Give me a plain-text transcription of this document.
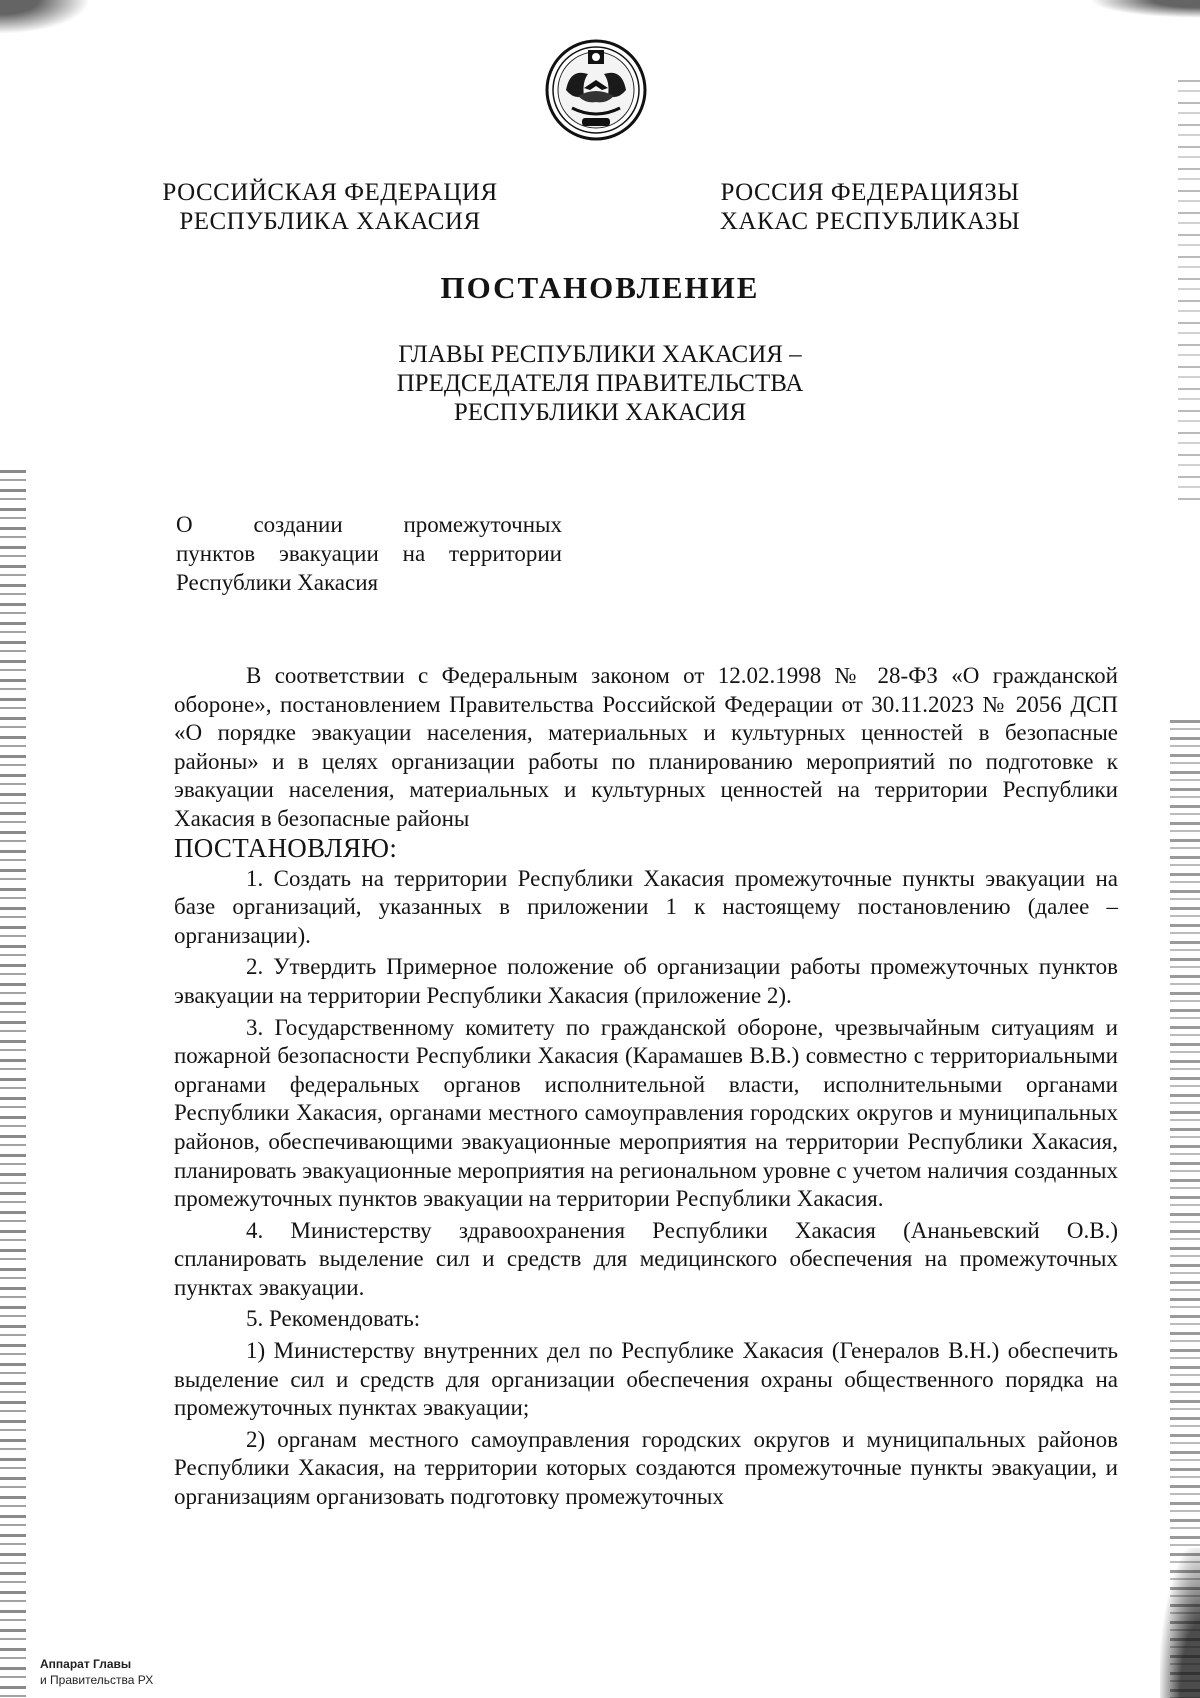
РОССИЙСКАЯ ФЕДЕРАЦИЯ
РЕСПУБЛИКА ХАКАСИЯ
РОССИЯ ФЕДЕРАЦИЯЗЫ
ХАКАС РЕСПУБЛИКАЗЫ
ПОСТАНОВЛЕНИЕ
ГЛАВЫ РЕСПУБЛИКИ ХАКАСИЯ –
ПРЕДСЕДАТЕЛЯ ПРАВИТЕЛЬСТВА
РЕСПУБЛИКИ ХАКАСИЯ
О	создании	промежуточных
пунктов эвакуации на территории Республики Хакасия

В соответствии с Федеральным законом от 12.02.1998 № 28-ФЗ «О гражданской обороне», постановлением Правительства Российской Федерации от 30.11.2023 № 2056 ДСП «О порядке эвакуации населения, материальных и культурных ценностей в безопасные районы» и в целях организации работы по планированию мероприятий по подготовке к эвакуации населения, материальных и культурных ценностей на территории Республики Хакасия в безопасные районы

ПОСТАНОВЛЯЮ:

1. Создать на территории Республики Хакасия промежуточные пункты эвакуации на базе организаций, указанных в приложении 1 к настоящему постановлению (далее – организации).

2. Утвердить Примерное положение об организации работы промежуточных пунктов эвакуации на территории Республики Хакасия (приложение 2).

3. Государственному комитету по гражданской обороне, чрезвычайным ситуациям и пожарной безопасности Республики Хакасия (Карамашев В.В.) совместно с территориальными органами федеральных органов исполнительной власти, исполнительными органами Республики Хакасия, органами местного самоуправления городских округов и муниципальных районов, обеспечивающими эвакуационные мероприятия на территории Республики Хакасия, планировать эвакуационные мероприятия на региональном уровне с учетом наличия созданных промежуточных пунктов эвакуации на территории Республики Хакасия.

4. Министерству здравоохранения Республики Хакасия (Ананьевский О.В.) спланировать выделение сил и средств для медицинского обеспечения на промежуточных пунктах эвакуации.

5. Рекомендовать:

1) Министерству внутренних дел по Республике Хакасия (Генералов В.Н.) обеспечить выделение сил и средств для организации обеспечения охраны общественного порядка на промежуточных пунктах эвакуации;

2) органам местного самоуправления городских округов и муниципальных районов Республики Хакасия, на территории которых создаются промежуточные пункты эвакуации, и организациям организовать подготовку промежуточных

Аппарат Главы
и Правительства РХ
